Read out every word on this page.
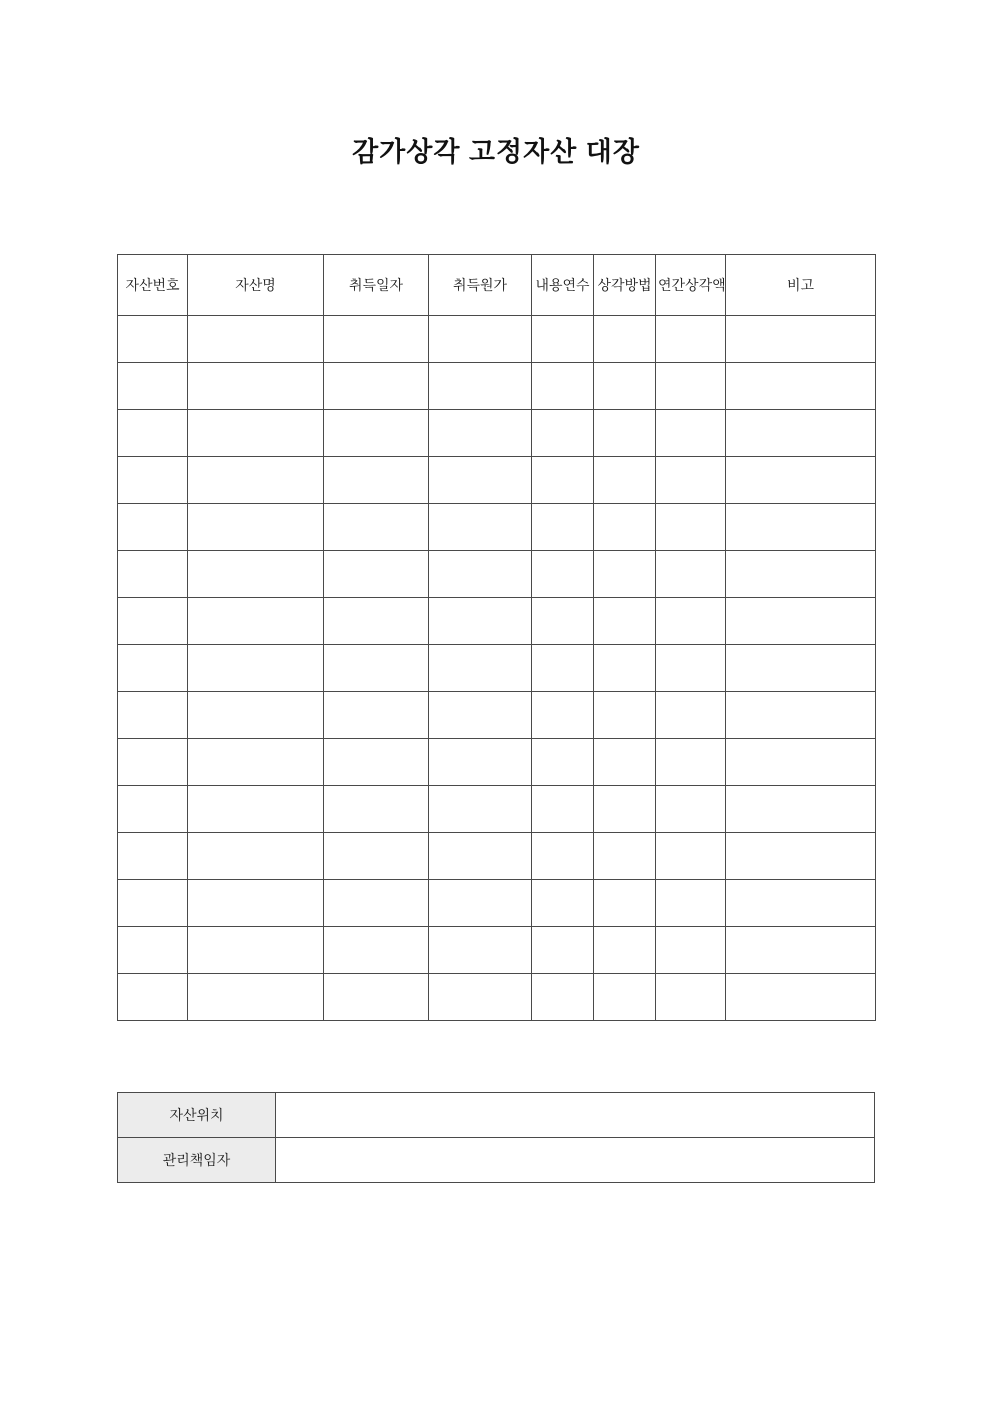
감가상각 고정자산 대장
자산번호	자산명	취득일자	취득원가	내용연수	상각방법	연간상각액	비고

자산위치	
관리책임자	
